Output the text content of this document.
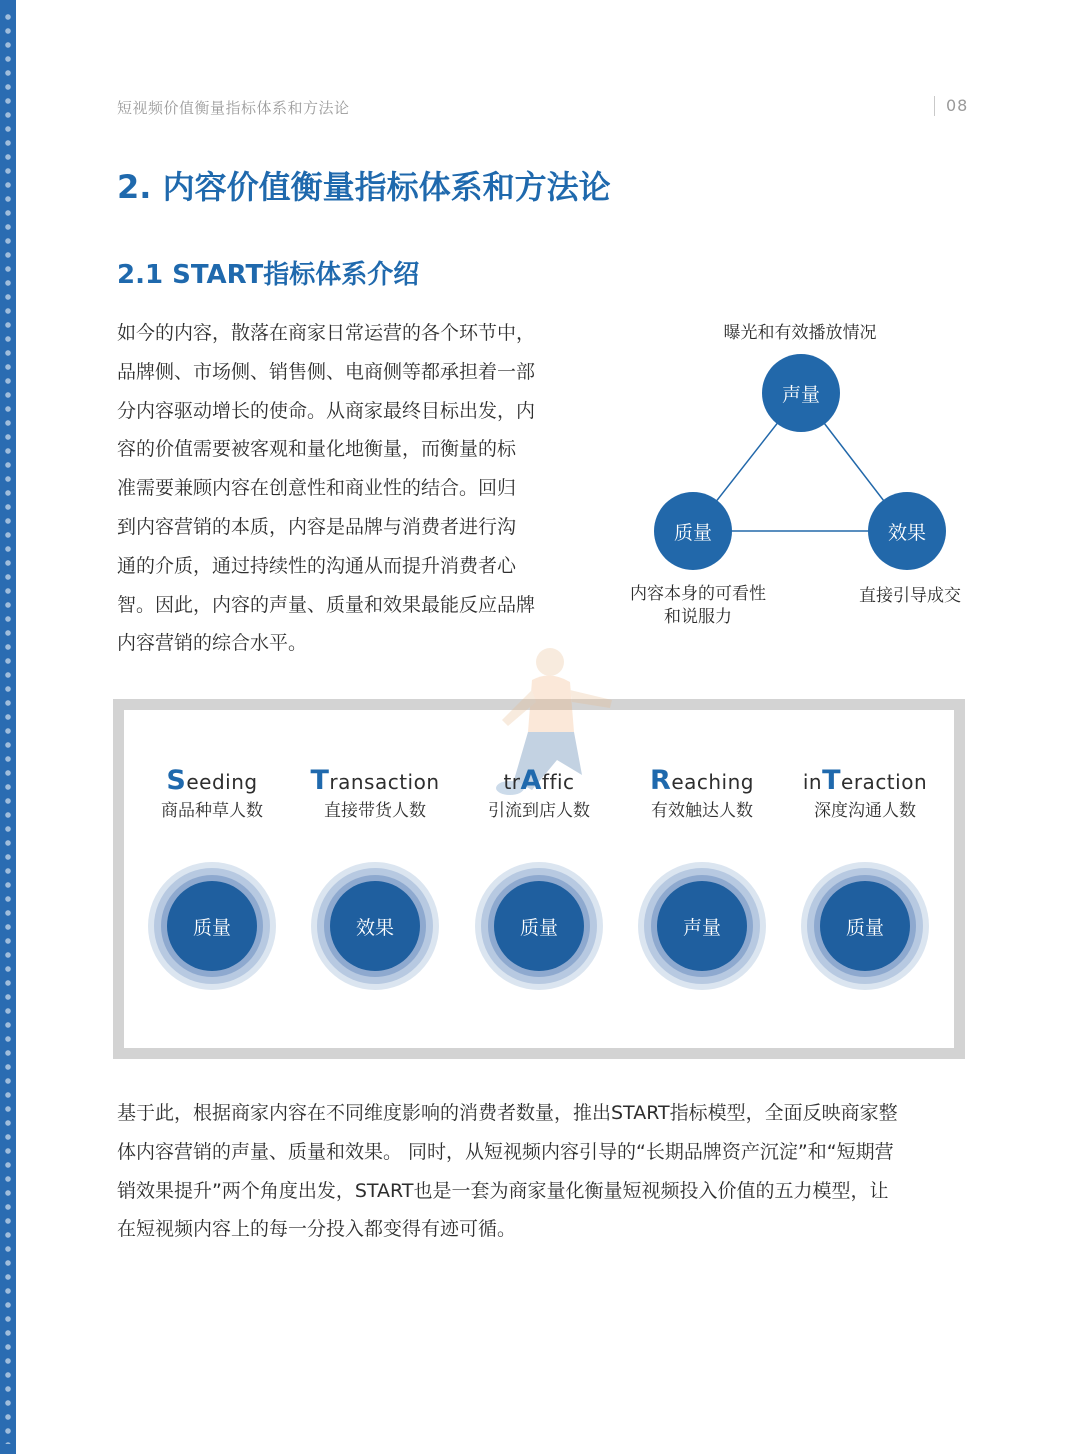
短视频价值衡量指标体系和方法论	08
2. 内容价值衡量指标体系和方法论
2.1 START指标体系介绍
如今的内容，散落在商家日常运营的各个环节中，
品牌侧、市场侧、销售侧、电商侧等都承担着一部
分内容驱动增长的使命。从商家最终目标出发，内
容的价值需要被客观和量化地衡量，而衡量的标
准需要兼顾内容在创意性和商业性的结合。回归
到内容营销的本质，内容是品牌与消费者进行沟
通的介质，通过持续性的沟通从而提升消费者心
智。因此，内容的声量、质量和效果最能反应品牌
内容营销的综合水平。
曝光和有效播放情况
声量
质量	效果
内容本身的可看性
和说服力
直接引导成交
Seeding
商品种草人数
Transaction
直接带货人数
trAffic
引流到店人数
Reaching
有效触达人数
inTeraction
深度沟通人数
质量	效果	质量	声量	质量
基于此，根据商家内容在不同维度影响的消费者数量，推出START指标模型，全面反映商家整
体内容营销的声量、质量和效果。 同时，从短视频内容引导的“长期品牌资产沉淀”和“短期营
销效果提升”两个角度出发，START也是一套为商家量化衡量短视频投入价值的五力模型，让
在短视频内容上的每一分投入都变得有迹可循。
